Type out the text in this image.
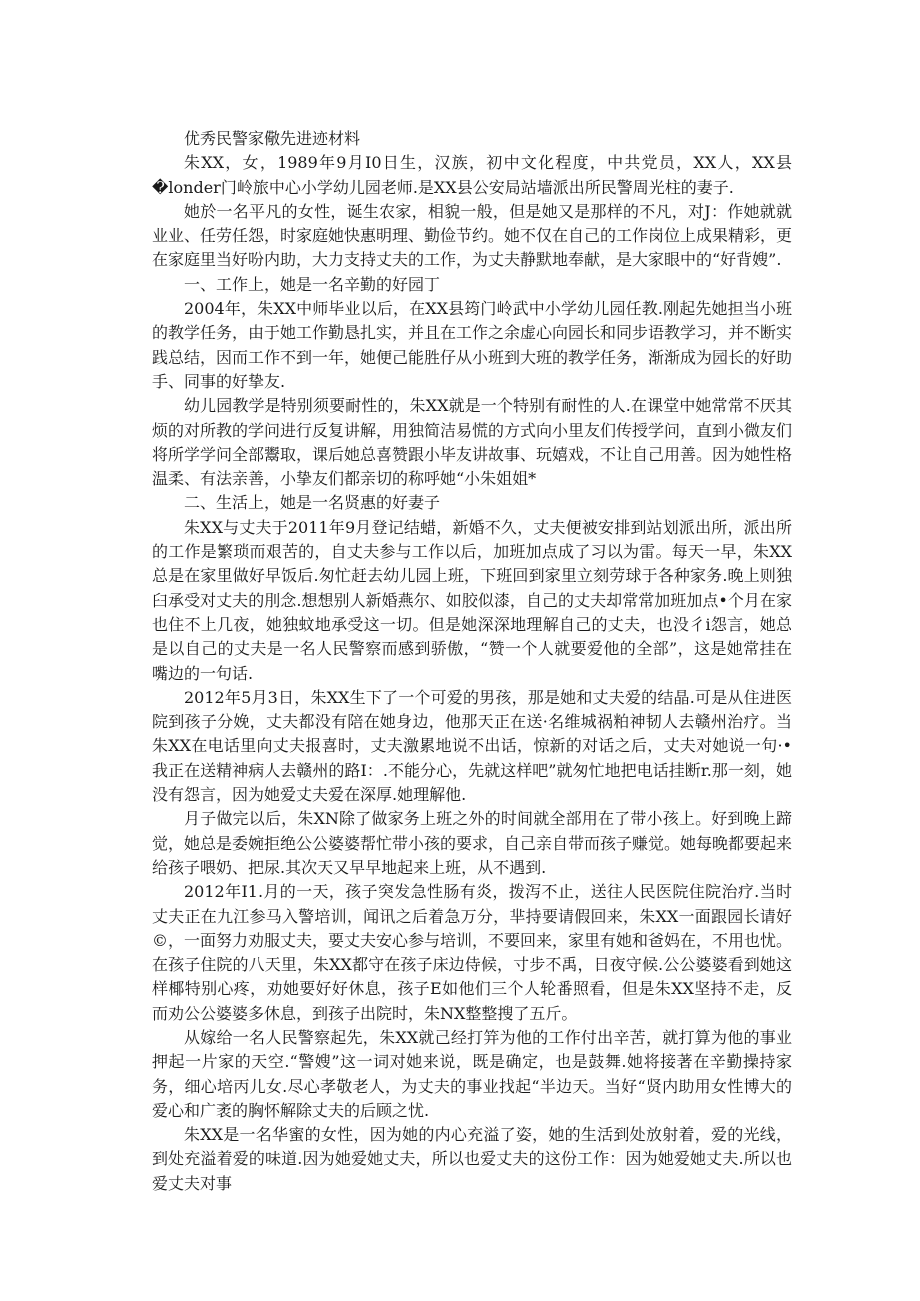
优秀民警家儆先进迹材料

朱XX，女，1989年9月I0日生，汉族，初中文化程度，中共党员，XX人，XX县�londer门岭旅中心小学幼儿园老师.是XX县公安局站墙派出所民警周光柱的妻子.

她於一名平凡的女性，诞生农家，相貌一般，但是她又是那样的不凡，对J：作她就就业业、任劳任怨，时家庭她快惠明理、勤俭节约。她不仅在自己的工作岗位上成果精彩，更在家庭里当好吩内助，大力支持丈夫的工作，为丈夫静默地奉献，是大家眼中的“好背嫂”.

一、工作上，她是一名辛勤的好园丁

2004年，朱XX中师毕业以后，在XX县筠门岭武中小学幼儿园任教.刚起先她担当小班的教学任务，由于她工作勤恳扎实，并且在工作之余虚心向园长和同步语教学习，并不断实践总结，因而工作不到一年，她便己能胜仔从小班到大班的教学任务，渐渐成为园长的好助手、同事的好挚友.

幼儿园教学是特别须要耐性的，朱XX就是一个特别有耐性的人.在课堂中她常常不厌其烦的对所教的学问进行反复讲解，用独简洁易慌的方式向小里友们传授学问，直到小微友们将所学学问全部鬻取，课后她总喜赞跟小毕友讲故事、玩嬉戏，不让自己用善。因为她性格温柔、有法亲善，小挚友们都亲切的称呼她“小朱姐姐*

二、生活上，她是一名贤惠的好妻子

朱XX与丈夫于2011年9月登记结蜡，新婚不久，丈夫便被安排到站划派出所，派出所的工作是繁琐而艰苦的，自丈夫参与工作以后，加班加点成了习以为雷。每天一早，朱XX总是在家里做好早饭后.匆忙赶去幼儿园上班，下班回到家里立刻劳球于各种家务.晚上则独臼承受对丈夫的刖念.想想别人新婚燕尔、如胶似漆，自己的丈夫却常常加班加点•个月在家也住不上几夜，她独蚊地承受这一切。但是她深深地理解自己的丈夫，也没彳i怨言，她总是以自己的丈夫是一名人民警察而感到骄傲，“赞一个人就要爱他的全部”，这是她常挂在嘴边的一句话.

2012年5月3日，朱XX生下了一个可爱的男孩，那是她和丈夫爱的结晶.可是从住进医院到孩子分娩，丈夫都没有陪在她身边，他那天正在送·名维城祸粕神韧人去赣州治疗。当朱XX在电话里向丈夫报喜时，丈夫激累地说不出话，惊新的对话之后，丈夫对她说一句·•我正在送精神病人去赣州的路I：.不能分心，先就这样吧”就匆忙地把电话挂断r.那一刻，她没有怨言，因为她爱丈夫爱在深厚.她理解他.

月子做完以后，朱XN除了做家务上班之外的时间就全部用在了带小孩上。好到晚上蹄觉，她总是委婉拒绝公公婆婆帮忙带小孩的要求，自己亲自带而孩子赚觉。她每晚都要起来给孩子喂奶、把尿.其次天又早早地起来上班，从不遇到.

2012年I1.月的一天，孩子突发急性肠有炎，拨泻不止，送往人民医院住院治疗.当时丈夫正在九江参马入警培训，闻讯之后着急万分，芈持要请假回来，朱XX一面跟园长请好©，一面努力劝服丈夫，要丈夫安心参与培训，不要回来，家里有她和爸妈在，不用也忧。在孩子住院的八天里，朱XX都守在孩子床边侍候，寸步不禹，日夜守候.公公婆婆看到她这样椰特别心疼，劝她要好好休息，孩子E如他们三个人轮番照看，但是朱XX坚持不走，反而劝公公婆婆多休息，到孩子出院时，朱NX整整搜了五斤。

从嫁给一名人民警察起先，朱XX就己经打笄为他的工作付出辛苦，就打算为他的事业押起一片家的天空.“警嫂”这一词对她来说，既是确定，也是鼓舞.她将接著在辛勤操持家务，细心培丙儿女.尽心孝敬老人，为丈夫的事业找起“半边天。当好“贤内助用女性博大的爱心和广袤的胸怀解除丈夫的后顾之忧.

朱XX是一名华蜜的女性，因为她的内心充溢了姿，她的生活到处放射着，爱的光线，到处充溢着爱的味道.因为她爱她丈夫，所以也爱丈夫的这份工作：因为她爱她丈夫.所以也爱丈夫对事
